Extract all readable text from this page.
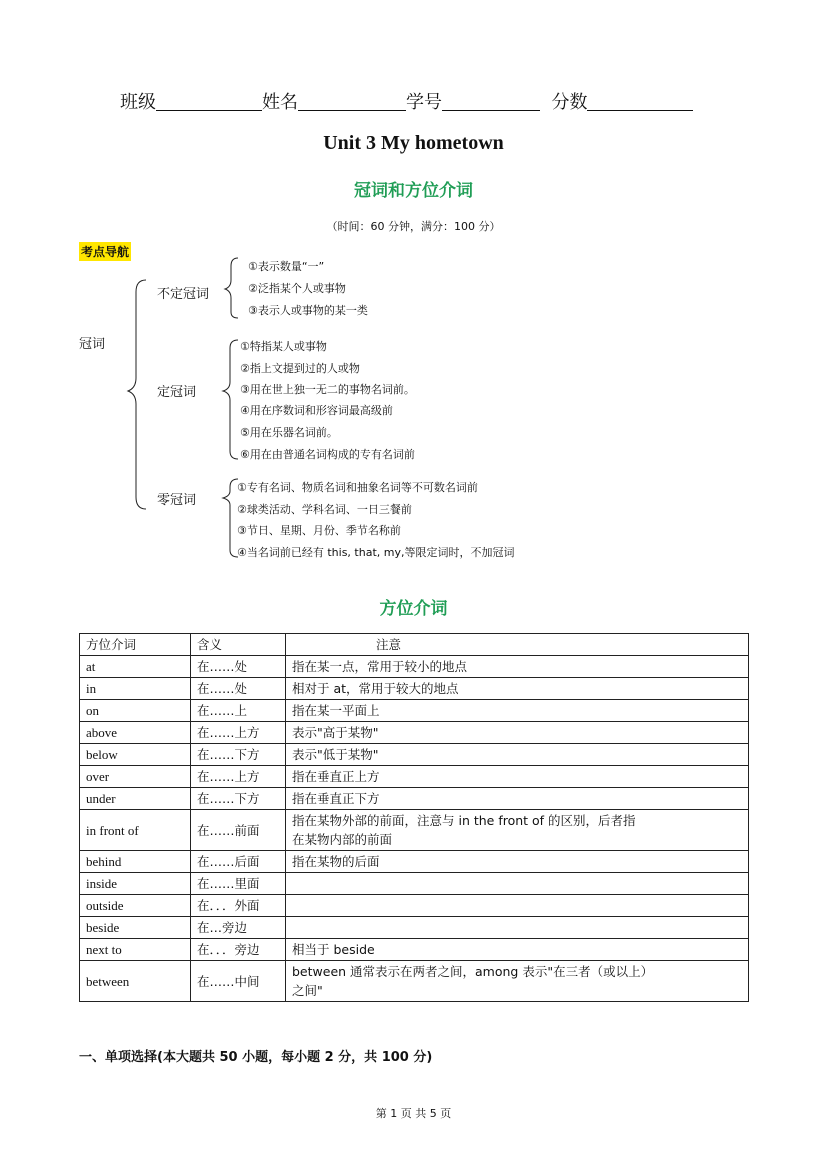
班级	姓名	学号	分数
Unit 3 My hometown
冠词和方位介词
（时间：60 分钟，满分：100 分）
考点导航
冠词
不定冠词
①表示数量“一”
②泛指某个人或事物
③表示人或事物的某一类
定冠词
①特指某人或事物
②指上文提到过的人或物
③用在世上独一无二的事物名词前。
④用在序数词和形容词最高级前
⑤用在乐器名词前。
⑥用在由普通名词构成的专有名词前
零冠词
①专有名词、物质名词和抽象名词等不可数名词前
②球类活动、学科名词、一日三餐前
③节日、星期、月份、季节名称前
④当名词前已经有 this, that, my,等限定词时，不加冠词
方位介词
方位介词	含义	注意
at	在……处	指在某一点，常用于较小的地点
in	在……处	相对于 at，常用于较大的地点
on	在……上	指在某一平面上
above	在……上方	表示"高于某物"
below	在……下方	表示"低于某物"
over	在……上方	指在垂直正上方
under	在……下方	指在垂直正下方
in front of	在……前面	指在某物外部的前面，注意与 in the front of 的区别，后者指在某物内部的前面
behind	在……后面	指在某物的后面
inside	在……里面	
outside	在．．．外面	
beside	在…旁边	
next to	在．．．旁边	相当于 beside
between	在……中间	between 通常表示在两者之间，among 表示"在三者（或以上）之间"
一、单项选择(本大题共 50 小题，每小题 2 分，共 100 分)
第 1 页 共 5 页
